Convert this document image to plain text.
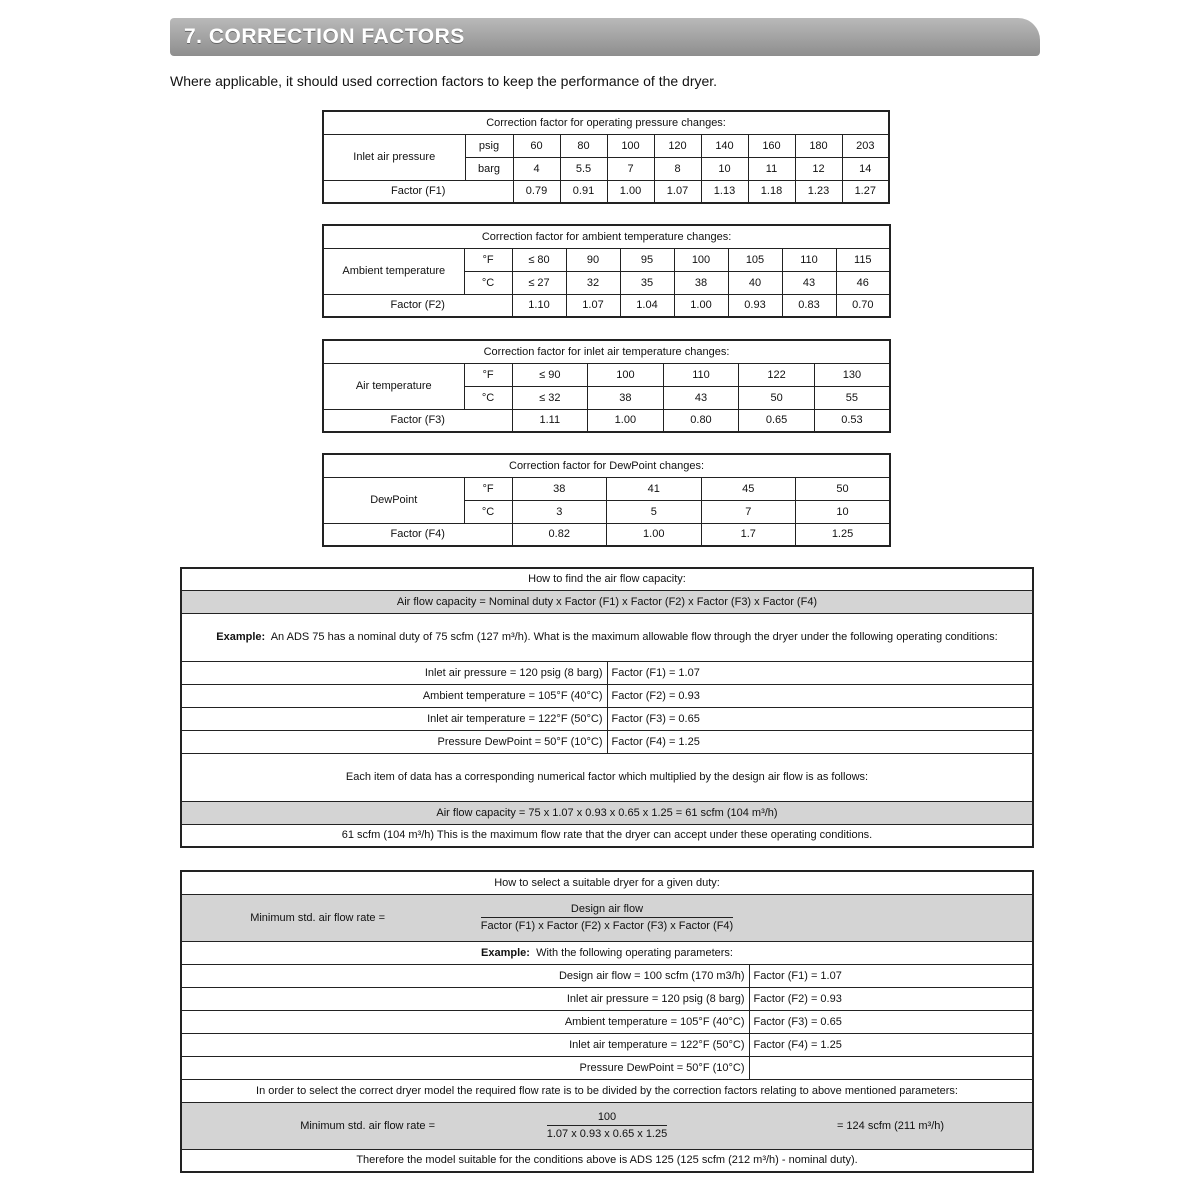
7. CORRECTION FACTORS
Where applicable, it should used correction factors to keep the performance of the dryer.
Correction factor for operating pressure changes:									
Inlet air pressure	psig	60	80	100	120	140	160	180	203
	barg	4	5.5	7	8	10	11	12	14
Factor (F1)		0.79	0.91	1.00	1.07	1.13	1.18	1.23	1.27
Correction factor for ambient temperature changes:								
Ambient temperature	°F	≤ 80	90	95	100	105	110	115
	°C	≤ 27	32	35	38	40	43	46
Factor (F2)		1.10	1.07	1.04	1.00	0.93	0.83	0.70
Correction factor for inlet air temperature changes:						
Air temperature	°F	≤ 90	100	110	122	130
	°C	≤ 32	38	43	50	55
Factor (F3)		1.11	1.00	0.80	0.65	0.53
Correction factor for DewPoint changes:					
DewPoint	°F	38	41	45	50
	°C	3	5	7	10
Factor (F4)		0.82	1.00	1.7	1.25
How to find the air flow capacity:	
Air flow capacity = Nominal duty x Factor (F1) x Factor (F2) x Factor (F3) x Factor (F4)	
Example: An ADS 75 has a nominal duty of 75 scfm (127 m³/h). What is the maximum allowable flow through the dryer under the following operating conditions:	
Inlet air pressure = 120 psig (8 barg)	Factor (F1) = 1.07
Ambient temperature = 105°F (40°C)	Factor (F2) = 0.93
Inlet air temperature = 122°F (50°C)	Factor (F3) = 0.65
Pressure DewPoint = 50°F (10°C)	Factor (F4) = 1.25
Each item of data has a corresponding numerical factor which multiplied by the design air flow is as follows:	
Air flow capacity = 75 x 1.07 x 0.93 x 0.65 x 1.25 = 61 scfm (104 m³/h)	
61 scfm (104 m³/h) This is the maximum flow rate that the dryer can accept under these operating conditions.	
How to select a suitable dryer for a given duty:		
Minimum std. air flow rate =	$\frac{\text{Design air flow}}{\text{Factor (F1) x Factor (F2) x Factor (F3) x Factor (F4)}}$

Example: With the following operating parameters:		
Design air flow = 100 scfm (170 m3/h)		Factor (F1) = 1.07
Inlet air pressure = 120 psig (8 barg)		Factor (F2) = 0.93
Ambient temperature = 105°F (40°C)		Factor (F3) = 0.65
Inlet air temperature = 122°F (50°C)		Factor (F4) = 1.25
Pressure DewPoint = 50°F (10°C)		
In order to select the correct dryer model the required flow rate is to be divided by the correction factors relating to above mentioned parameters:		
Minimum std. air flow rate =	$\frac{100}{1.07 x 0.93 x 0.65 x 1.25}$	= 124 scfm (211 m³/h)
Therefore the model suitable for the conditions above is ADS 125 (125 scfm (212 m³/h) - nominal duty).		
